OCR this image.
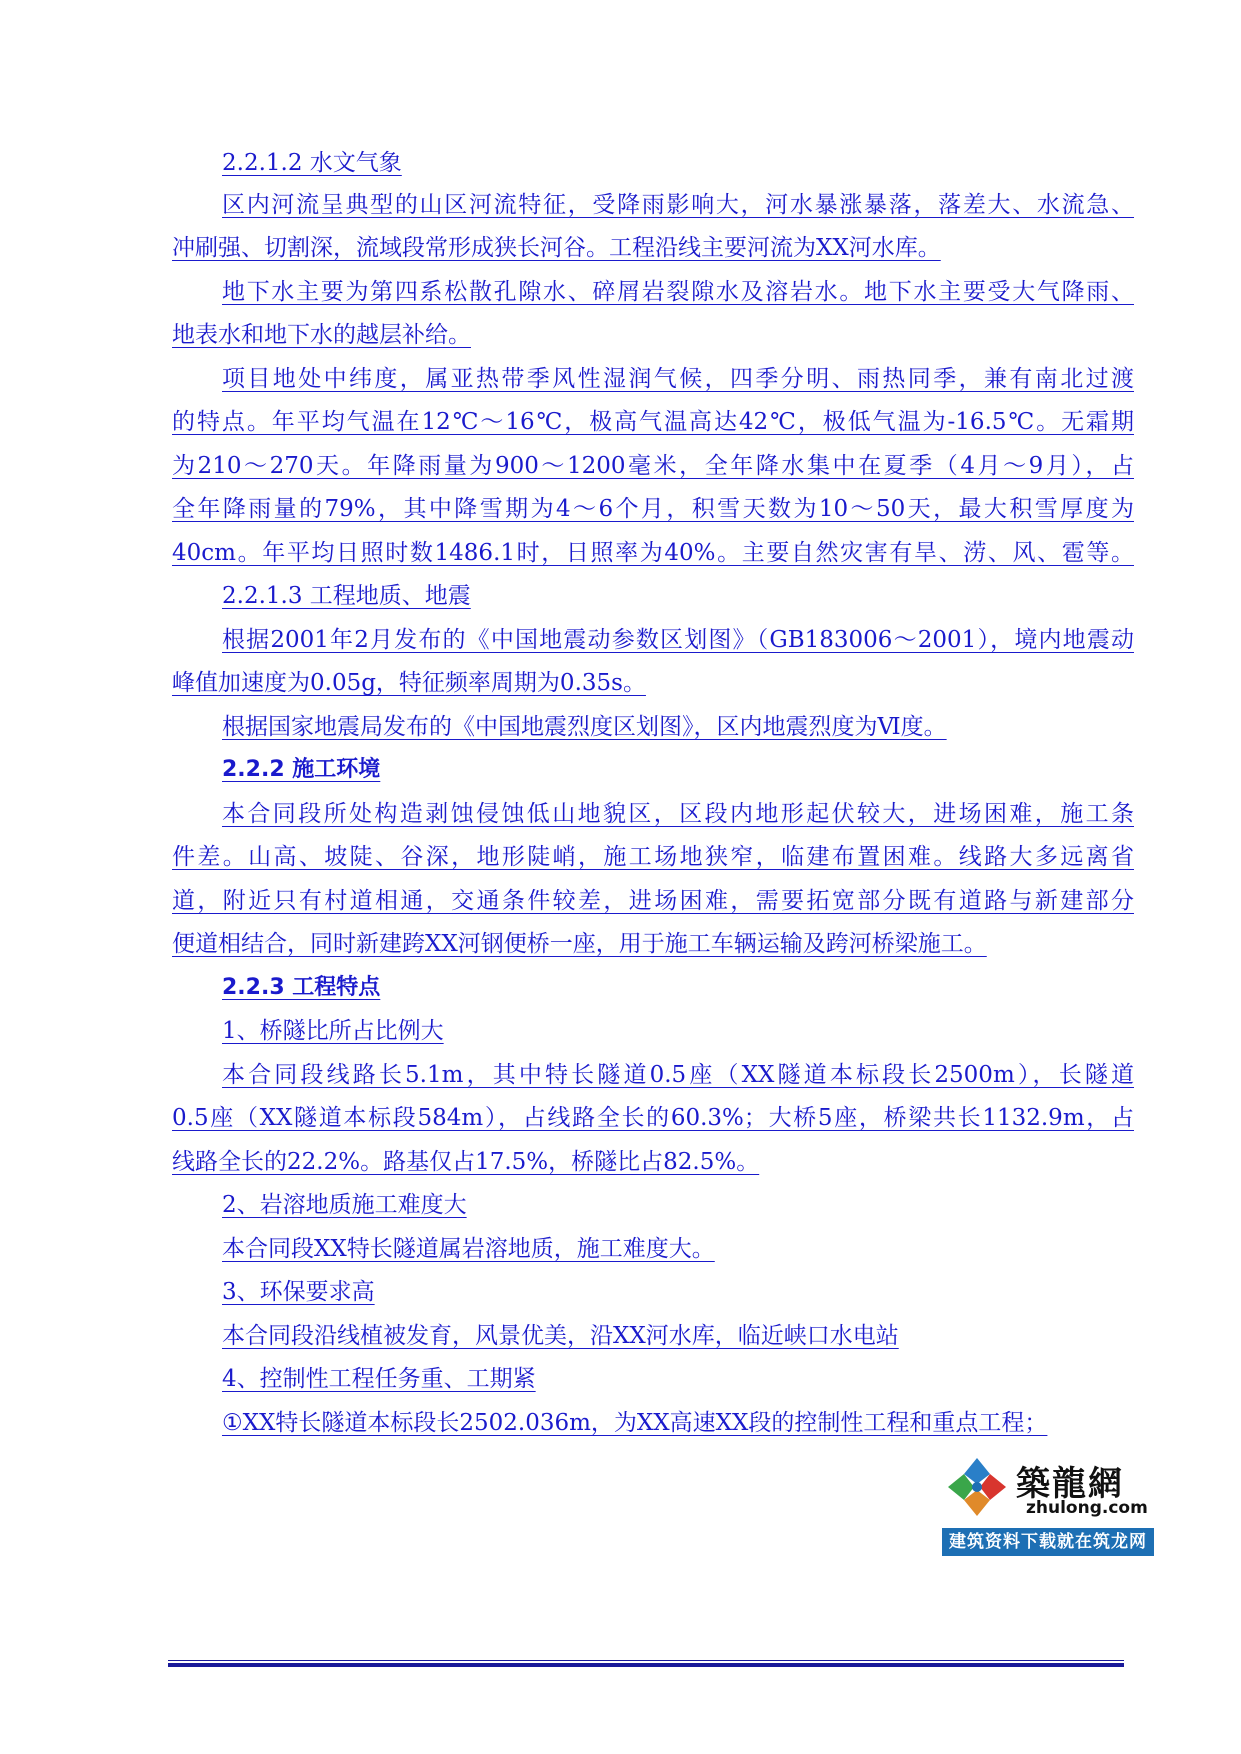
2.2.1.2 水文气象
区内河流呈典型的山区河流特征，受降雨影响大，河水暴涨暴落，落差大、水流急、
冲刷强、切割深，流域段常形成狭长河谷。工程沿线主要河流为XX河水库。
地下水主要为第四系松散孔隙水、碎屑岩裂隙水及溶岩水。地下水主要受大气降雨、
地表水和地下水的越层补给。
项目地处中纬度，属亚热带季风性湿润气候，四季分明、雨热同季，兼有南北过渡
的特点。年平均气温在12℃～16℃，极高气温高达42℃，极低气温为-16.5℃。无霜期
为210～270天。年降雨量为900～1200毫米，全年降水集中在夏季（4月～9月），占
全年降雨量的79%，其中降雪期为4～6个月，积雪天数为10～50天，最大积雪厚度为
40cm。年平均日照时数1486.1时，日照率为40%。主要自然灾害有旱、涝、风、雹等。
2.2.1.3 工程地质、地震
根据2001年2月发布的《中国地震动参数区划图》（GB183006～2001），境内地震动
峰值加速度为0.05g，特征频率周期为0.35s。
根据国家地震局发布的《中国地震烈度区划图》，区内地震烈度为Ⅵ度。
2.2.2 施工环境
本合同段所处构造剥蚀侵蚀低山地貌区，区段内地形起伏较大，进场困难，施工条
件差。山高、坡陡、谷深，地形陡峭，施工场地狭窄，临建布置困难。线路大多远离省
道，附近只有村道相通，交通条件较差，进场困难，需要拓宽部分既有道路与新建部分
便道相结合，同时新建跨XX河钢便桥一座，用于施工车辆运输及跨河桥梁施工。
2.2.3 工程特点
1、桥隧比所占比例大
本合同段线路长5.1m，其中特长隧道0.5座（XX隧道本标段长2500m），长隧道
0.5座（XX隧道本标段584m），占线路全长的60.3%；大桥5座，桥梁共长1132.9m，占
线路全长的22.2%。路基仅占17.5%，桥隧比占82.5%。
2、岩溶地质施工难度大
本合同段XX特长隧道属岩溶地质，施工难度大。
3、环保要求高
本合同段沿线植被发育，风景优美，沿XX河水库，临近峡口水电站
4、控制性工程任务重、工期紧
①XX特长隧道本标段长2502.036m，为XX高速XX段的控制性工程和重点工程；
築龍網
zhulong.com
建筑资料下载就在筑龙网
